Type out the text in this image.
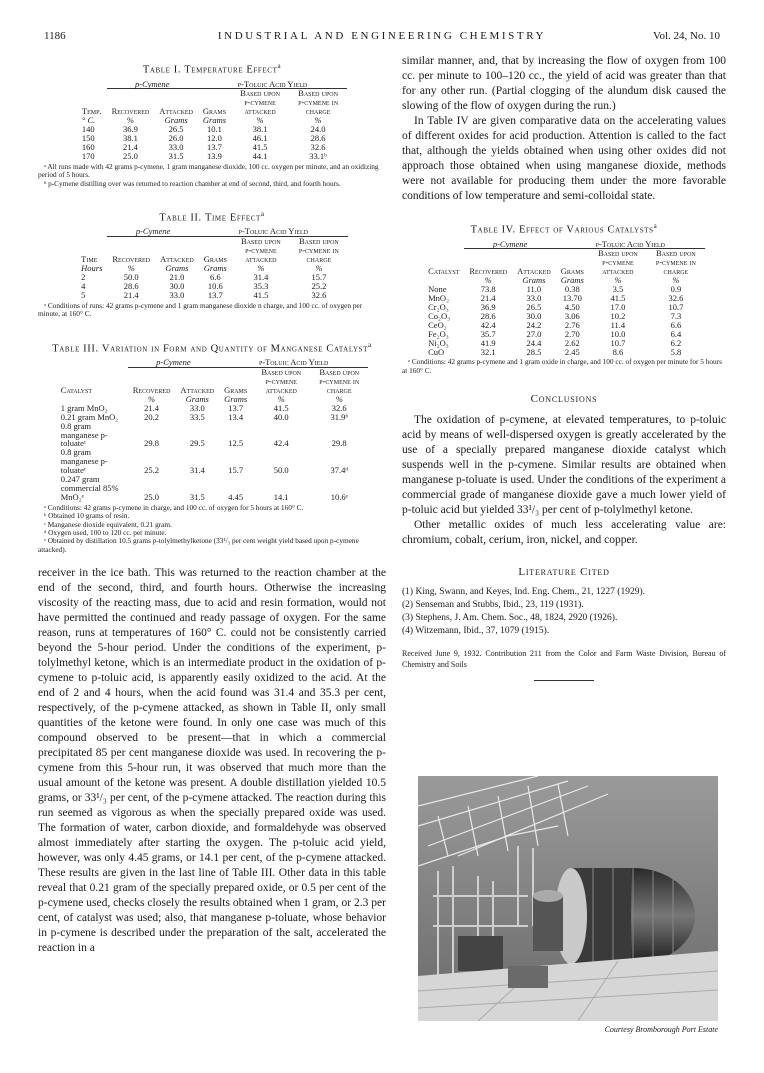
1186	INDUSTRIAL AND ENGINEERING CHEMISTRY	Vol. 24, No. 10
Table I. Temperature Effect$^a$
	p-Cymene		p-Toluic Acid Yield		
Temp.	Recovered	Attacked	Grams	Based upon p-cymene attacked	Based upon p-cymene in charge
° C.	%	Grams	Grams	%	%
140	36.9	26.5	10.1	38.1	24.0
150	38.1	26.0	12.0	46.1	28.6
160	21.4	33.0	13.7	41.5	32.6
170	25.0	31.5	13.9	44.1	33.1ᵇ

ᵃ All runs made with 42 grams p-cymene, 1 gram manganese dioxide, 100 cc. oxygen per minute, and an oxidizing period of 5 hours.

ᵇ p-Cymene distilling over was returned to reaction chamber at end of second, third, and fourth hours.

Table II. Time Effect$^a$
	p-Cymene		p-Toluic Acid Yield		
Time	Recovered	Attacked	Grams	Based upon p-cymene attacked	Based upon p-cymene in charge
Hours	%	Grams	Grams	%	%
2	50.0	21.0	6.6	31.4	15.7
4	28.6	30.0	10.6	35.3	25.2
5	21.4	33.0	13.7	41.5	32.6

ᵃ Conditions of runs: 42 grams p-cymene and 1 gram manganese dioxide n charge, and 100 cc. of oxygen per minute, at 160° C.

Table III. Variation in Form and Quantity of Manganese Catalyst$^a$
	p-Cymene		p-Toluic Acid Yield		
Catalyst	Recovered	Attacked	Grams	Based upon p-cymene attacked	Based upon p-cymene in charge
	%	Grams	Grams	%	%
1 gram MnO₂	21.4	33.0	13.7	41.5	32.6
0.21 gram MnO₂	20.2	33.5	13.4	40.0	31.9ᵇ
0.8 gram manganese p-toluateᶜ	29.8	29.5	12.5	42.4	29.8
0.8 gram manganese p-toluateᶜ	25.2	31.4	15.7	50.0	37.4ᵈ
0.247 gram commercial 85% MnO₂ᵉ	25.0	31.5	4.45	14.1	10.6ᵉ

ᵃ Conditions: 42 grams p-cymene in charge, and 100 cc. of oxygen for 5 hours at 160° C.

ᵇ Obtained 10 grams of resin.

ᶜ Manganese dioxide equivalent, 0.21 gram.

ᵈ Oxygen used, 100 to 120 cc. per minute.

ᵉ Obtained by distillation 10.5 grams p-tolylmethylketone (33¹/₃ per cent weight yield based upon p-cymene attacked).

receiver in the ice bath. This was returned to the reaction chamber at the end of the second, third, and fourth hours. Otherwise the increasing viscosity of the reacting mass, due to acid and resin formation, would not have permitted the continued and ready passage of oxygen. For the same reason, runs at temperatures of 160° C. could not be consistently carried beyond the 5-hour period. Under the conditions of the experiment, p-tolylmethyl ketone, which is an intermediate product in the oxidation of p-cymene to p-toluic acid, is apparently easily oxidized to the acid. At the end of 2 and 4 hours, when the acid found was 31.4 and 35.3 per cent, respectively, of the p-cymene attacked, as shown in Table II, only small quantities of the ketone were found. In only one case was much of this compound observed to be present—that in which a commercial precipitated 85 per cent manganese dioxide was used. In recovering the p-cymene from this 5-hour run, it was observed that much more than the usual amount of the ketone was present. A double distillation yielded 10.5 grams, or 33¹/₃ per cent, of the p-cymene attacked. The reaction during this run seemed as vigorous as when the specially prepared oxide was used. The formation of water, carbon dioxide, and formaldehyde was observed almost immediately after starting the oxygen. The p-toluic acid yield, however, was only 4.45 grams, or 14.1 per cent, of the p-cymene attacked. These results are given in the last line of Table III. Other data in this table reveal that 0.21 gram of the specially prepared oxide, or 0.5 per cent of the p-cymene used, checks closely the results obtained when 1 gram, or 2.3 per cent, of catalyst was used; also, that manganese p-toluate, whose behavior in p-cymene is described under the preparation of the salt, accelerated the reaction in a

similar manner, and, that by increasing the flow of oxygen from 100 cc. per minute to 100–120 cc., the yield of acid was greater than that for any other run. (Partial clogging of the alundum disk caused the slowing of the flow of oxygen during the run.)

In Table IV are given comparative data on the accelerating values of different oxides for acid production. Attention is called to the fact that, although the yields obtained when using other oxides did not approach those obtained when using manganese dioxide, methods were not available for producing them under the more favorable conditions of low temperature and semi-colloidal state.

Table IV. Effect of Various Catalysts$^a$
	p-Cymene		p-Toluic Acid Yield		
Catalyst	Recovered	Attacked	Grams	Based upon p-cymene attacked	Based upon p-cymene in charge
	%	Grams	Grams	%	%
None	73.8	11.0	0.38	3.5	0.9
MnO₂	21.4	33.0	13.70	41.5	32.6
Cr₂O₃	36.9	26.5	4.50	17.0	10.7
Co₂O₃	28.6	30.0	3.06	10.2	7.3
CeO₂	42.4	24.2	2.76	11.4	6.6
Fe₂O₃	35.7	27.0	2.70	10.0	6.4
Ni₂O₃	41.9	24.4	2.62	10.7	6.2
CuO	32.1	28.5	2.45	8.6	5.8

ᵃ Conditions: 42 grams p-cymene and 1 gram oxide in charge, and 100 cc. of oxygen per minute for 5 hours at 160° C.

Conclusions

The oxidation of p-cymene, at elevated temperatures, to p-toluic acid by means of well-dispersed oxygen is greatly accelerated by the use of a specially prepared manganese dioxide catalyst which suspends well in the p-cymene. Similar results are obtained when manganese p-toluate is used. Under the conditions of the experiment a commercial grade of manganese dioxide gave a much lower yield of p-toluic acid but yielded 33¹/₃ per cent of p-tolylmethyl ketone.

Other metallic oxides of much less accelerating value are: chromium, cobalt, cerium, iron, nickel, and copper.

Literature Cited
(1) King, Swann, and Keyes, Ind. Eng. Chem., 21, 1227 (1929).
(2) Senseman and Stubbs, Ibid., 23, 119 (1931).
(3) Stephens, J. Am. Chem. Soc., 48, 1824, 2920 (1926).
(4) Witzemann, Ibid., 37, 1079 (1915).
Received June 9, 1932. Contribution 211 from the Color and Farm Waste Division, Bureau of Chemistry and Soils
Courtesy Bromborough Port Estate
